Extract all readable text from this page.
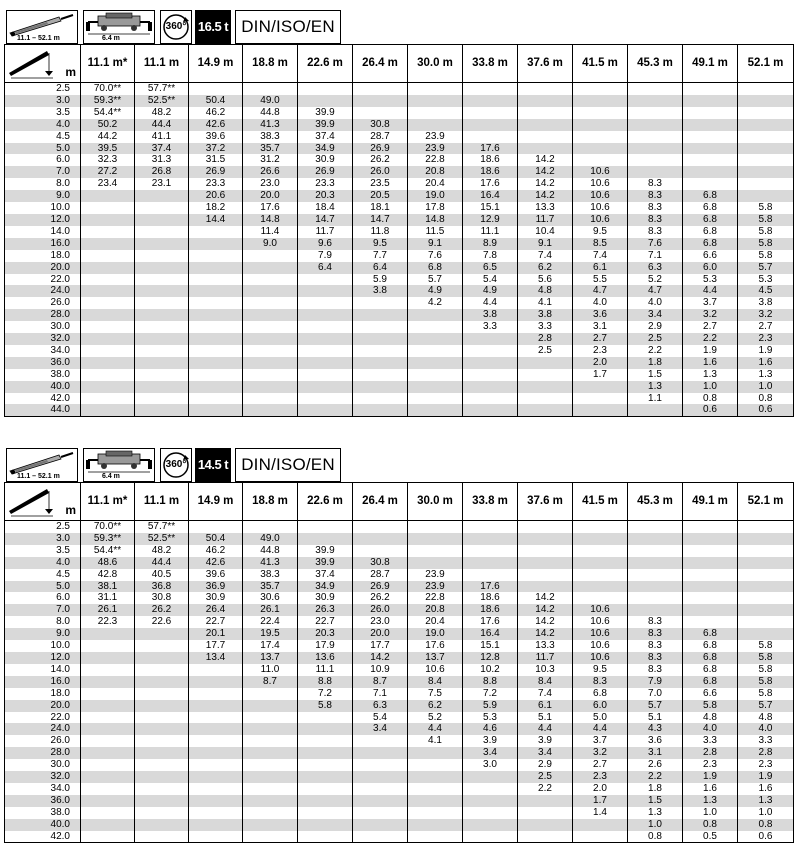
11.1 – 52.1 m	6.4 m
360° 16.5 t DIN/ISO/EN
m	11.1 m*	11.1 m	14.9 m	18.8 m	22.6 m	26.4 m	30.0 m	33.8 m	37.6 m	41.5 m	45.3 m	49.1 m	52.1 m
2.5	70.0**	57.7**											
3.0	59.3**	52.5**	50.4	49.0									
3.5	54.4**	48.2	46.2	44.8	39.9								
4.0	50.2	44.4	42.6	41.3	39.9	30.8							
4.5	44.2	41.1	39.6	38.3	37.4	28.7	23.9						
5.0	39.5	37.4	37.2	35.7	34.9	26.9	23.9	17.6					
6.0	32.3	31.3	31.5	31.2	30.9	26.2	22.8	18.6	14.2				
7.0	27.2	26.8	26.9	26.6	26.9	26.0	20.8	18.6	14.2	10.6			
8.0	23.4	23.1	23.3	23.0	23.3	23.5	20.4	17.6	14.2	10.6	8.3		
9.0			20.6	20.0	20.3	20.5	19.0	16.4	14.2	10.6	8.3	6.8	
10.0			18.2	17.6	18.4	18.1	17.8	15.1	13.3	10.6	8.3	6.8	5.8
12.0			14.4	14.8	14.7	14.7	14.8	12.9	11.7	10.6	8.3	6.8	5.8
14.0				11.4	11.7	11.8	11.5	11.1	10.4	9.5	8.3	6.8	5.8
16.0				9.0	9.6	9.5	9.1	8.9	9.1	8.5	7.6	6.8	5.8
18.0					7.9	7.7	7.6	7.8	7.4	7.4	7.1	6.6	5.8
20.0					6.4	6.4	6.8	6.5	6.2	6.1	6.3	6.0	5.7
22.0						5.9	5.7	5.4	5.6	5.5	5.2	5.3	5.3
24.0						3.8	4.9	4.9	4.8	4.7	4.7	4.4	4.5
26.0							4.2	4.4	4.1	4.0	4.0	3.7	3.8
28.0								3.8	3.8	3.6	3.4	3.2	3.2
30.0								3.3	3.3	3.1	2.9	2.7	2.7
32.0									2.8	2.7	2.5	2.2	2.3
34.0									2.5	2.3	2.2	1.9	1.9
36.0										2.0	1.8	1.6	1.6
38.0										1.7	1.5	1.3	1.3
40.0											1.3	1.0	1.0
42.0											1.1	0.8	0.8
44.0												0.6	0.6
11.1 – 52.1 m	6.4 m
360° 14.5 t DIN/ISO/EN
m	11.1 m*	11.1 m	14.9 m	18.8 m	22.6 m	26.4 m	30.0 m	33.8 m	37.6 m	41.5 m	45.3 m	49.1 m	52.1 m
2.5	70.0**	57.7**											
3.0	59.3**	52.5**	50.4	49.0									
3.5	54.4**	48.2	46.2	44.8	39.9								
4.0	48.6	44.4	42.6	41.3	39.9	30.8							
4.5	42.8	40.5	39.6	38.3	37.4	28.7	23.9						
5.0	38.1	36.8	36.9	35.7	34.9	26.9	23.9	17.6					
6.0	31.1	30.8	30.9	30.6	30.9	26.2	22.8	18.6	14.2				
7.0	26.1	26.2	26.4	26.1	26.3	26.0	20.8	18.6	14.2	10.6			
8.0	22.3	22.6	22.7	22.4	22.7	23.0	20.4	17.6	14.2	10.6	8.3		
9.0			20.1	19.5	20.3	20.0	19.0	16.4	14.2	10.6	8.3	6.8	
10.0			17.7	17.4	17.9	17.7	17.6	15.1	13.3	10.6	8.3	6.8	5.8
12.0			13.4	13.7	13.6	14.2	13.7	12.8	11.7	10.6	8.3	6.8	5.8
14.0				11.0	11.1	10.9	10.6	10.2	10.3	9.5	8.3	6.8	5.8
16.0				8.7	8.8	8.7	8.4	8.8	8.4	8.3	7.9	6.8	5.8
18.0					7.2	7.1	7.5	7.2	7.4	6.8	7.0	6.6	5.8
20.0					5.8	6.3	6.2	5.9	6.1	6.0	5.7	5.8	5.7
22.0						5.4	5.2	5.3	5.1	5.0	5.1	4.8	4.8
24.0						3.4	4.4	4.6	4.4	4.4	4.3	4.0	4.0
26.0							4.1	3.9	3.9	3.7	3.6	3.3	3.3
28.0								3.4	3.4	3.2	3.1	2.8	2.8
30.0								3.0	2.9	2.7	2.6	2.3	2.3
32.0									2.5	2.3	2.2	1.9	1.9
34.0									2.2	2.0	1.8	1.6	1.6
36.0										1.7	1.5	1.3	1.3
38.0										1.4	1.3	1.0	1.0
40.0											1.0	0.8	0.8
42.0											0.8	0.5	0.6
